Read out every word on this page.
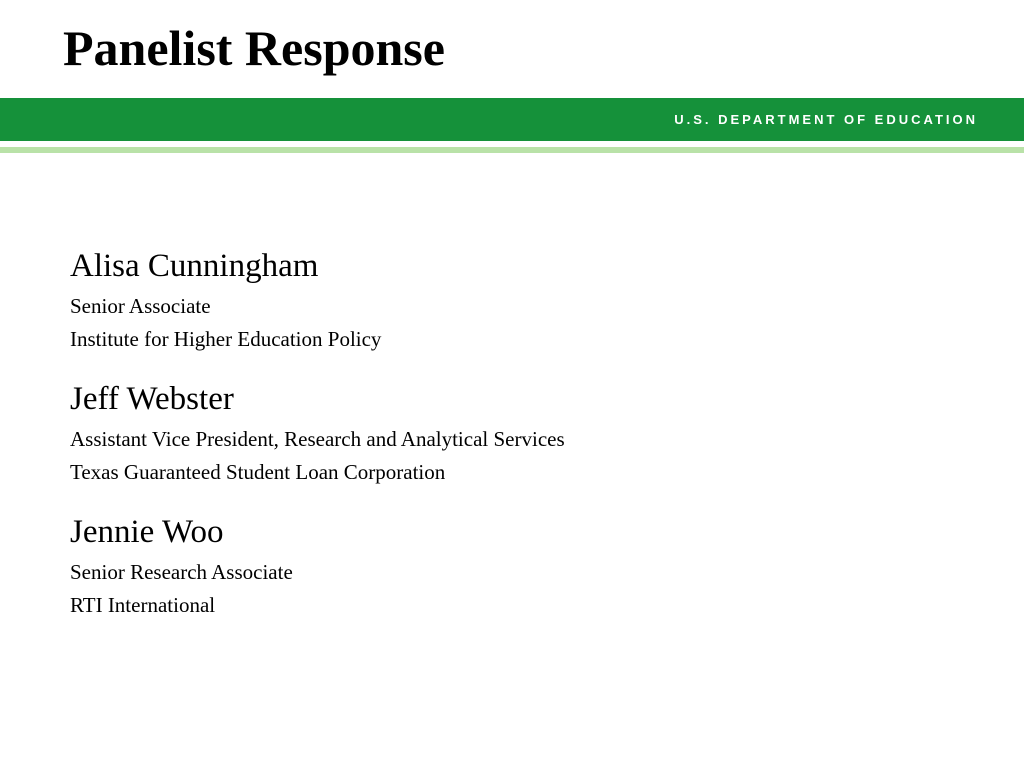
Panelist Response
U.S. DEPARTMENT OF EDUCATION
Alisa Cunningham
Senior Associate
Institute for Higher Education Policy
Jeff Webster
Assistant Vice President, Research and Analytical Services
Texas Guaranteed Student Loan Corporation
Jennie Woo
Senior Research Associate
RTI International
